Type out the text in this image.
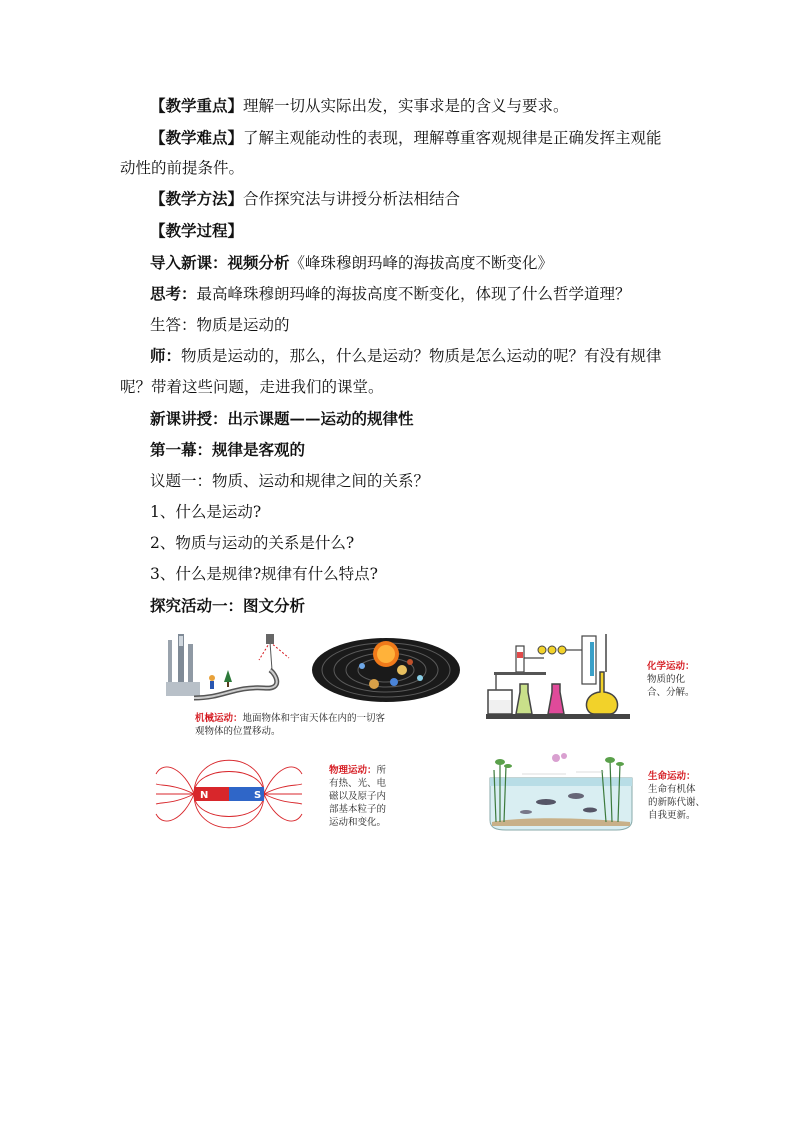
【教学重点】理解一切从实际出发，实事求是的含义与要求。
【教学难点】了解主观能动性的表现，理解尊重客观规律是正确发挥主观能
动性的前提条件。
【教学方法】合作探究法与讲授分析法相结合
【教学过程】
导入新课：视频分析《峰珠穆朗玛峰的海拔高度不断变化》
思考：最高峰珠穆朗玛峰的海拔高度不断变化，体现了什么哲学道理？
生答：物质是运动的
师：物质是运动的，那么，什么是运动？物质是怎么运动的呢？有没有规律
呢？带着这些问题，走进我们的课堂。
新课讲授：出示课题——运动的规律性
第一幕：规律是客观的
议题一：物质、运动和规律之间的关系？
1、什么是运动?
2、物质与运动的关系是什么?
3、什么是规律?规律有什么特点?
探究活动一：图文分析
机械运动：地面物体和宇宙天体在内的一切客
观物体的位置移动。
化学运动：
物质的化
合、分解。
N	S
物理运动：所
有热、光、电
磁以及原子内
部基本粒子的
运动和变化。
生命运动：
生命有机体
的新陈代谢、
自我更新。
